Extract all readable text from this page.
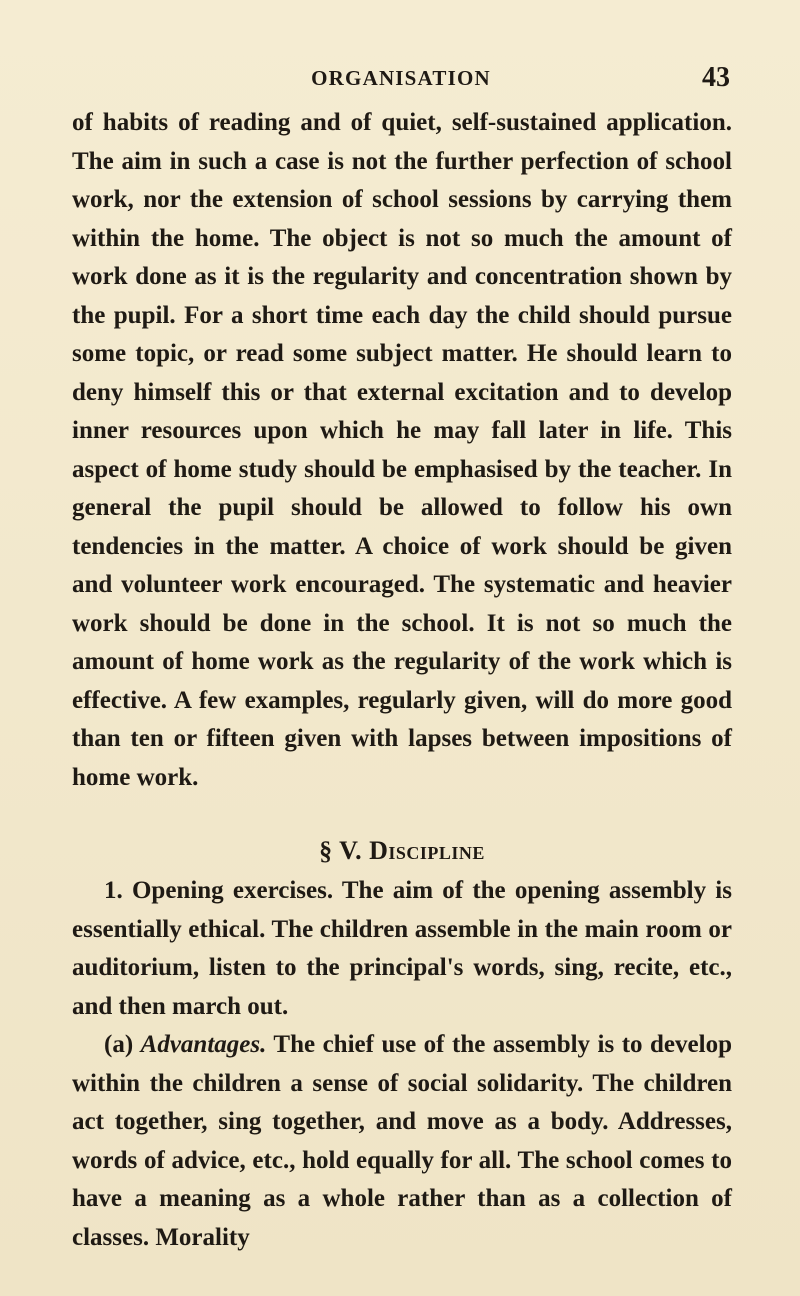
ORGANISATION	43

of habits of reading and of quiet, self-sustained application. The aim in such a case is not the further perfection of school work, nor the extension of school sessions by carrying them within the home. The object is not so much the amount of work done as it is the regularity and concentration shown by the pupil. For a short time each day the child should pursue some topic, or read some subject matter. He should learn to deny himself this or that external excitation and to develop inner resources upon which he may fall later in life. This aspect of home study should be emphasised by the teacher. In general the pupil should be allowed to follow his own tendencies in the matter. A choice of work should be given and volunteer work encouraged. The systematic and heavier work should be done in the school. It is not so much the amount of home work as the regularity of the work which is effective. A few examples, regularly given, will do more good than ten or fifteen given with lapses between impositions of home work.

§ V. Discipline

1. Opening exercises. The aim of the opening assembly is essentially ethical. The children assemble in the main room or auditorium, listen to the principal's words, sing, recite, etc., and then march out.

(a) Advantages. The chief use of the assembly is to develop within the children a sense of social solidarity. The children act together, sing together, and move as a body. Addresses, words of advice, etc., hold equally for all. The school comes to have a meaning as a whole rather than as a collection of classes. Morality
